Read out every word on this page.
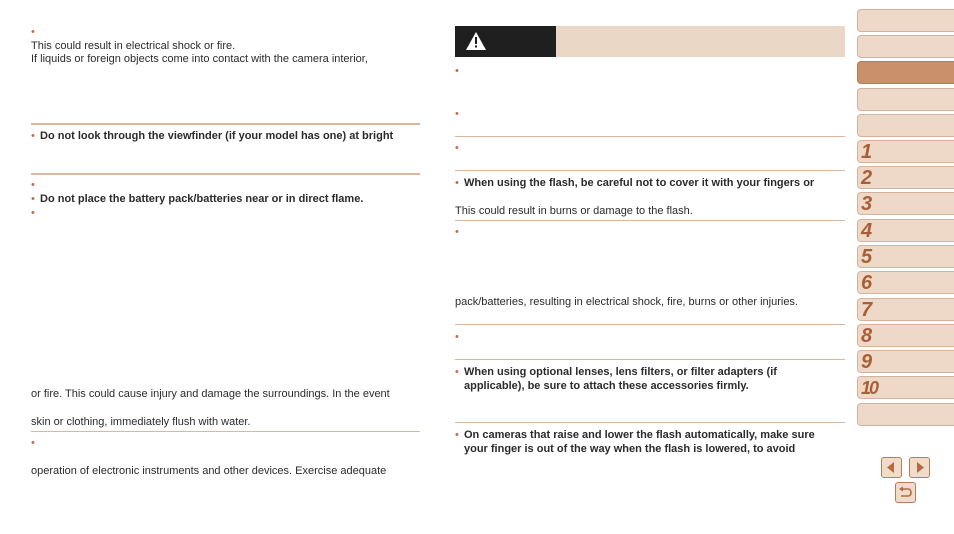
•
This could result in electrical shock or fire.
If liquids or foreign objects come into contact with the camera interior,
• Do not look through the viewfinder (if your model has one) at bright
•
• Do not place the battery pack/batteries near or in direct flame.
•
or fire. This could cause injury and damage the surroundings. In the event
skin or clothing, immediately flush with water.
•
operation of electronic instruments and other devices. Exercise adequate
•
•
•
• When using the flash, be careful not to cover it with your fingers or
This could result in burns or damage to the flash.
•
pack/batteries, resulting in electrical shock, fire, burns or other injuries.
•
• When using optional lenses, lens filters, or filter adapters (if
applicable), be sure to attach these accessories firmly.
• On cameras that raise and lower the flash automatically, make sure
your finger is out of the way when the flash is lowered, to avoid
1
2
3
4
5
6
7
8
9
10
